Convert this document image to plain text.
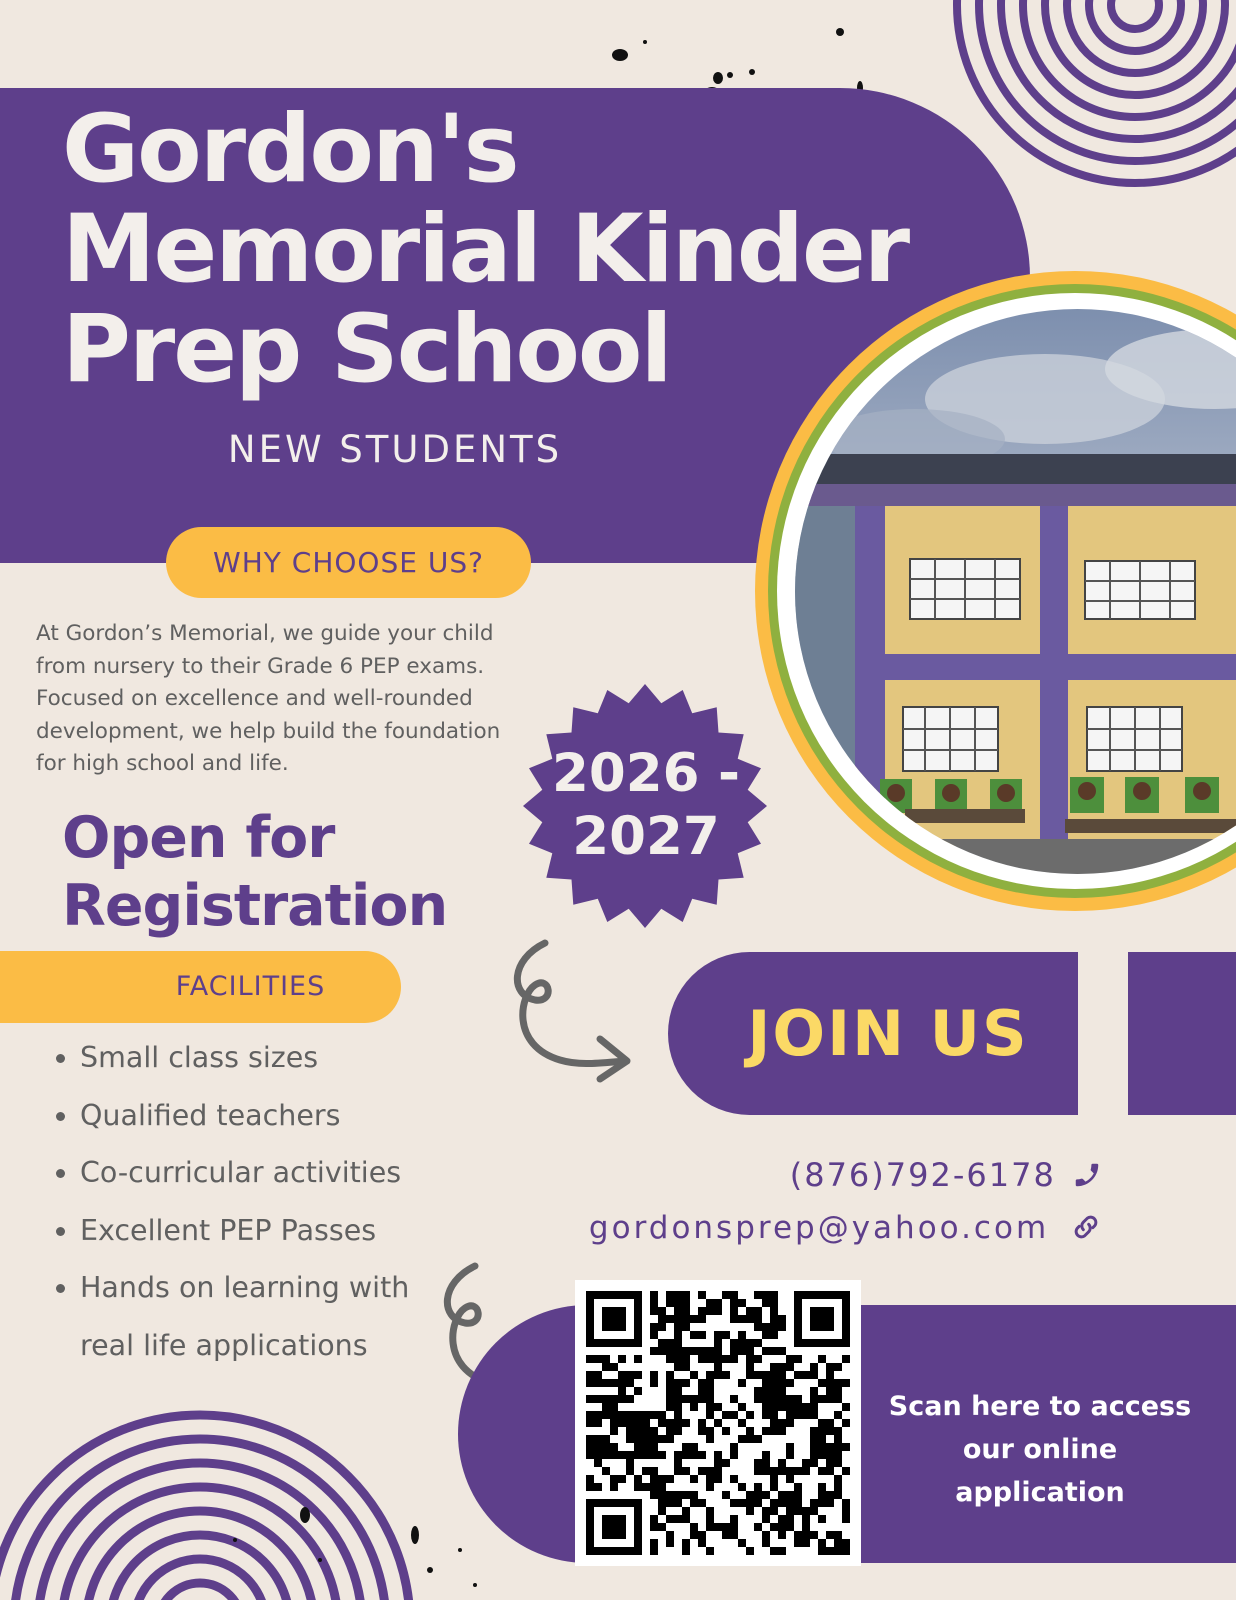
Gordon's
Memorial Kinder
Prep School
NEW STUDENTS
WHY CHOOSE US?
At Gordon’s Memorial, we guide your child
from nursery to their Grade 6 PEP exams.
Focused on excellence and well-rounded
development, we help build the foundation
for high school and life.	2026 -
2027
Open for
Registration
FACILITIES
• Small class sizes
• Qualified teachers
• Co-curricular activities
• Excellent PEP Passes
• Hands on learning with
real life applications
JOIN US
(876)792-6178
gordonsprep@yahoo.com
Scan here to access
our online application
